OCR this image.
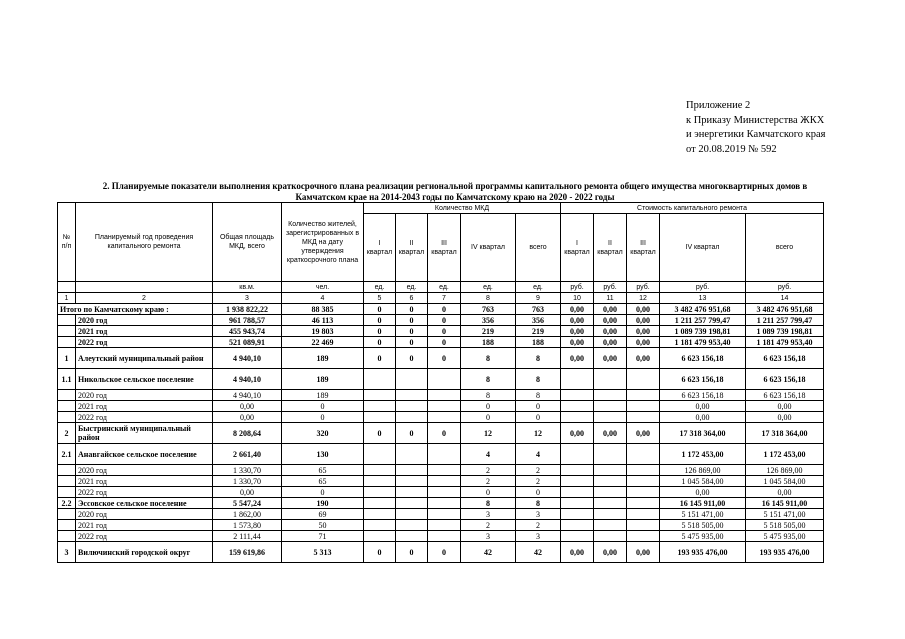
Приложение 2
к Приказу Министерства ЖКХ
и энергетики Камчатского края
от 20.08.2019 № 592
2. Планируемые показатели выполнения краткосрочного плана реализации региональной программы капитального ремонта общего имущества многоквартирных домов в
Камчатском крае на 2014-2043 годы по Камчатскому краю на 2020 - 2022 годы
№ п/п	Планируемый год проведения капитального ремонта	Общая площадь МКД, всего	Количество жителей, зарегистрированных в МКД на дату утверждения краткосрочного плана	Количество МКД					Стоимость капитального ремонта				
				I квартал	II квартал	III квартал	IV квартал	всего	I квартал	II квартал	III квартал	IV квартал	всего
		кв.м.	чел.	ед.	ед.	ед.	ед.	ед.	руб.	руб.	руб.	руб.	руб.
1	2	3	4	5	6	7	8	9	10	11	12	13	14
Итого по Камчатскому краю :		1 938 822,22	88 385	0	0	0	763	763	0,00	0,00	0,00	3 482 476 951,68	3 482 476 951,68
	2020 год	961 788,57	46 113	0	0	0	356	356	0,00	0,00	0,00	1 211 257 799,47	1 211 257 799,47
	2021 год	455 943,74	19 803	0	0	0	219	219	0,00	0,00	0,00	1 089 739 198,81	1 089 739 198,81
	2022 год	521 089,91	22 469	0	0	0	188	188	0,00	0,00	0,00	1 181 479 953,40	1 181 479 953,40
1	Алеутский муниципальный район	4 940,10	189	0	0	0	8	8	0,00	0,00	0,00	6 623 156,18	6 623 156,18
1.1	Никольское сельское поселение	4 940,10	189				8	8				6 623 156,18	6 623 156,18
	2020 год	4 940,10	189				8	8				6 623 156,18	6 623 156,18
	2021 год	0,00	0				0	0				0,00	0,00
	2022 год	0,00	0				0	0				0,00	0,00
2	Быстринский муниципальный район	8 208,64	320	0	0	0	12	12	0,00	0,00	0,00	17 318 364,00	17 318 364,00
2.1	Анавгайское сельское поселение	2 661,40	130				4	4				1 172 453,00	1 172 453,00
	2020 год	1 330,70	65				2	2				126 869,00	126 869,00
	2021 год	1 330,70	65				2	2				1 045 584,00	1 045 584,00
	2022 год	0,00	0				0	0				0,00	0,00
2.2	Эссовское сельское поселение	5 547,24	190				8	8				16 145 911,00	16 145 911,00
	2020 год	1 862,00	69				3	3				5 151 471,00	5 151 471,00
	2021 год	1 573,80	50				2	2				5 518 505,00	5 518 505,00
	2022 год	2 111,44	71				3	3				5 475 935,00	5 475 935,00
3	Вилючинский городской округ	159 619,86	5 313	0	0	0	42	42	0,00	0,00	0,00	193 935 476,00	193 935 476,00
